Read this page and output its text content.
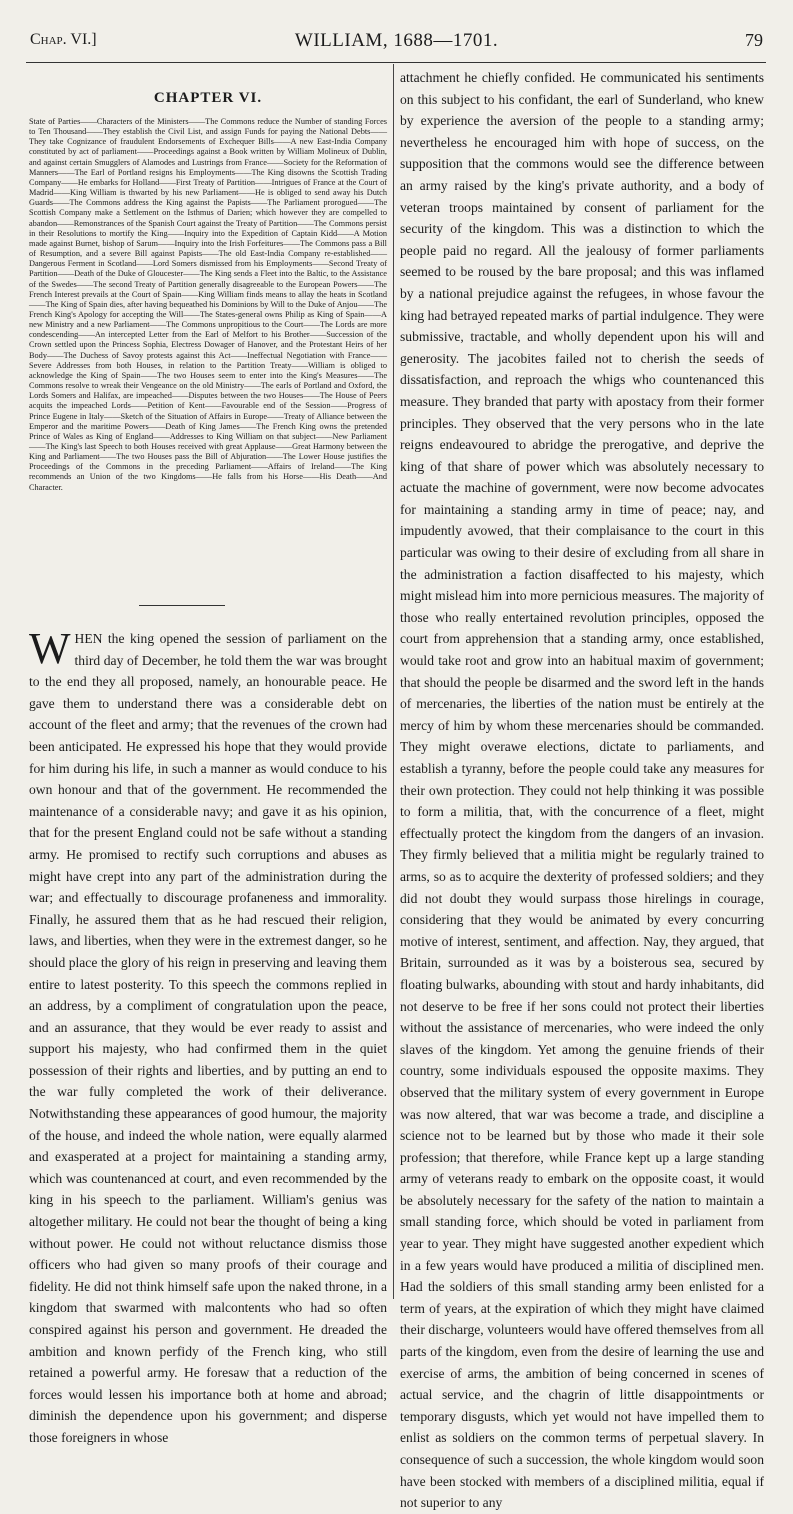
Chap. VI.]	WILLIAM, 1688—1701.	79
CHAPTER VI.

State of Parties——Characters of the Ministers——The Commons reduce the Number of standing Forces to Ten Thousand——They establish the Civil List, and assign Funds for paying the National Debts——They take Cognizance of fraudulent Endorsements of Exchequer Bills——A new East-India Company constituted by act of parliament——Proceedings against a Book written by William Molineux of Dublin, and against certain Smugglers of Alamodes and Lustrings from France——Society for the Reformation of Manners——The Earl of Portland resigns his Employments——The King disowns the Scottish Trading Company——He embarks for Holland——First Treaty of Partition——Intrigues of France at the Court of Madrid——King William is thwarted by his new Parliament——He is obliged to send away his Dutch Guards——The Commons address the King against the Papists——The Parliament prorogued——The Scottish Company make a Settlement on the Isthmus of Darien; which however they are compelled to abandon——Remonstrances of the Spanish Court against the Treaty of Partition——The Commons persist in their Resolutions to mortify the King——Inquiry into the Expedition of Captain Kidd——A Motion made against Burnet, bishop of Sarum——Inquiry into the Irish Forfeitures——The Commons pass a Bill of Resumption, and a severe Bill against Papists——The old East-India Company re-established——Dangerous Ferment in Scotland——Lord Somers dismissed from his Employments——Second Treaty of Partition——Death of the Duke of Gloucester——The King sends a Fleet into the Baltic, to the Assistance of the Swedes——The second Treaty of Partition generally disagreeable to the European Powers——The French Interest prevails at the Court of Spain——King William finds means to allay the heats in Scotland——The King of Spain dies, after having bequeathed his Dominions by Will to the Duke of Anjou——The French King's Apology for accepting the Will——The States-general owns Philip as King of Spain——A new Ministry and a new Parliament——The Commons unpropitious to the Court——The Lords are more condescending——An intercepted Letter from the Earl of Melfort to his Brother——Succession of the Crown settled upon the Princess Sophia, Electress Dowager of Hanover, and the Protestant Heirs of her Body——The Duchess of Savoy protests against this Act——Ineffectual Negotiation with France——Severe Addresses from both Houses, in relation to the Partition Treaty——William is obliged to acknowledge the King of Spain——The two Houses seem to enter into the King's Measures——The Commons resolve to wreak their Vengeance on the old Ministry——The earls of Portland and Oxford, the Lords Somers and Halifax, are impeached——Disputes between the two Houses——The House of Peers acquits the impeached Lords——Petition of Kent——Favourable end of the Session——Progress of Prince Eugene in Italy——Sketch of the Situation of Affairs in Europe——Treaty of Alliance between the Emperor and the maritime Powers——Death of King James——The French King owns the pretended Prince of Wales as King of England——Addresses to King William on that subject——New Parliament——The King's last Speech to both Houses received with great Applause——Great Harmony between the King and Parliament——The two Houses pass the Bill of Abjuration——The Lower House justifies the Proceedings of the Commons in the preceding Parliament——Affairs of Ireland——The King recommends an Union of the two Kingdoms——He falls from his Horse——His Death——And Character.

WHEN the king opened the session of parliament on the third day of December, he told them the war was brought to the end they all proposed, namely, an honourable peace. He gave them to understand there was a considerable debt on account of the fleet and army; that the revenues of the crown had been anticipated. He expressed his hope that they would provide for him during his life, in such a manner as would conduce to his own honour and that of the government. He recommended the maintenance of a considerable navy; and gave it as his opinion, that for the present England could not be safe without a standing army. He promised to rectify such corruptions and abuses as might have crept into any part of the administration during the war; and effectually to discourage profaneness and immorality. Finally, he assured them that as he had rescued their religion, laws, and liberties, when they were in the extremest danger, so he should place the glory of his reign in preserving and leaving them entire to latest posterity. To this speech the commons replied in an address, by a compliment of congratulation upon the peace, and an assurance, that they would be ever ready to assist and support his majesty, who had confirmed them in the quiet possession of their rights and liberties, and by putting an end to the war fully completed the work of their deliverance. Notwithstanding these appearances of good humour, the majority of the house, and indeed the whole nation, were equally alarmed and exasperated at a project for maintaining a standing army, which was countenanced at court, and even recommended by the king in his speech to the parliament. William's genius was altogether military. He could not bear the thought of being a king without power. He could not without reluctance dismiss those officers who had given so many proofs of their courage and fidelity. He did not think himself safe upon the naked throne, in a kingdom that swarmed with malcontents who had so often conspired against his person and government. He dreaded the ambition and known perfidy of the French king, who still retained a powerful army. He foresaw that a reduction of the forces would lessen his importance both at home and abroad; diminish the dependence upon his government; and disperse those foreigners in whose
attachment he chiefly confided. He communicated his sentiments on this subject to his confidant, the earl of Sunderland, who knew by experience the aversion of the people to a standing army; nevertheless he encouraged him with hope of success, on the supposition that the commons would see the difference between an army raised by the king's private authority, and a body of veteran troops maintained by consent of parliament for the security of the kingdom. This was a distinction to which the people paid no regard. All the jealousy of former parliaments seemed to be roused by the bare proposal; and this was inflamed by a national prejudice against the refugees, in whose favour the king had betrayed repeated marks of partial indulgence. They were submissive, tractable, and wholly dependent upon his will and generosity. The jacobites failed not to cherish the seeds of dissatisfaction, and reproach the whigs who countenanced this measure. They branded that party with apostacy from their former principles. They observed that the very persons who in the late reigns endeavoured to abridge the prerogative, and deprive the king of that share of power which was absolutely necessary to actuate the machine of government, were now become advocates for maintaining a standing army in time of peace; nay, and impudently avowed, that their complaisance to the court in this particular was owing to their desire of excluding from all share in the administration a faction disaffected to his majesty, which might mislead him into more pernicious measures. The majority of those who really entertained revolution principles, opposed the court from apprehension that a standing army, once established, would take root and grow into an habitual maxim of government; that should the people be disarmed and the sword left in the hands of mercenaries, the liberties of the nation must be entirely at the mercy of him by whom these mercenaries should be commanded. They might overawe elections, dictate to parliaments, and establish a tyranny, before the people could take any measures for their own protection. They could not help thinking it was possible to form a militia, that, with the concurrence of a fleet, might effectually protect the kingdom from the dangers of an invasion. They firmly believed that a militia might be regularly trained to arms, so as to acquire the dexterity of professed soldiers; and they did not doubt they would surpass those hirelings in courage, considering that they would be animated by every concurring motive of interest, sentiment, and affection. Nay, they argued, that Britain, surrounded as it was by a boisterous sea, secured by floating bulwarks, abounding with stout and hardy inhabitants, did not deserve to be free if her sons could not protect their liberties without the assistance of mercenaries, who were indeed the only slaves of the kingdom. Yet among the genuine friends of their country, some individuals espoused the opposite maxims. They observed that the military system of every government in Europe was now altered, that war was become a trade, and discipline a science not to be learned but by those who made it their sole profession; that therefore, while France kept up a large standing army of veterans ready to embark on the opposite coast, it would be absolutely necessary for the safety of the nation to maintain a small standing force, which should be voted in parliament from year to year. They might have suggested another expedient which in a few years would have produced a militia of disciplined men. Had the soldiers of this small standing army been enlisted for a term of years, at the expiration of which they might have claimed their discharge, volunteers would have offered themselves from all parts of the kingdom, even from the desire of learning the use and exercise of arms, the ambition of being concerned in scenes of actual service, and the chagrin of little disappointments or temporary disgusts, which yet would not have impelled them to enlist as soldiers on the common terms of perpetual slavery. In consequence of such a succession, the whole kingdom would soon have been stocked with members of a disciplined militia, equal if not superior to any
